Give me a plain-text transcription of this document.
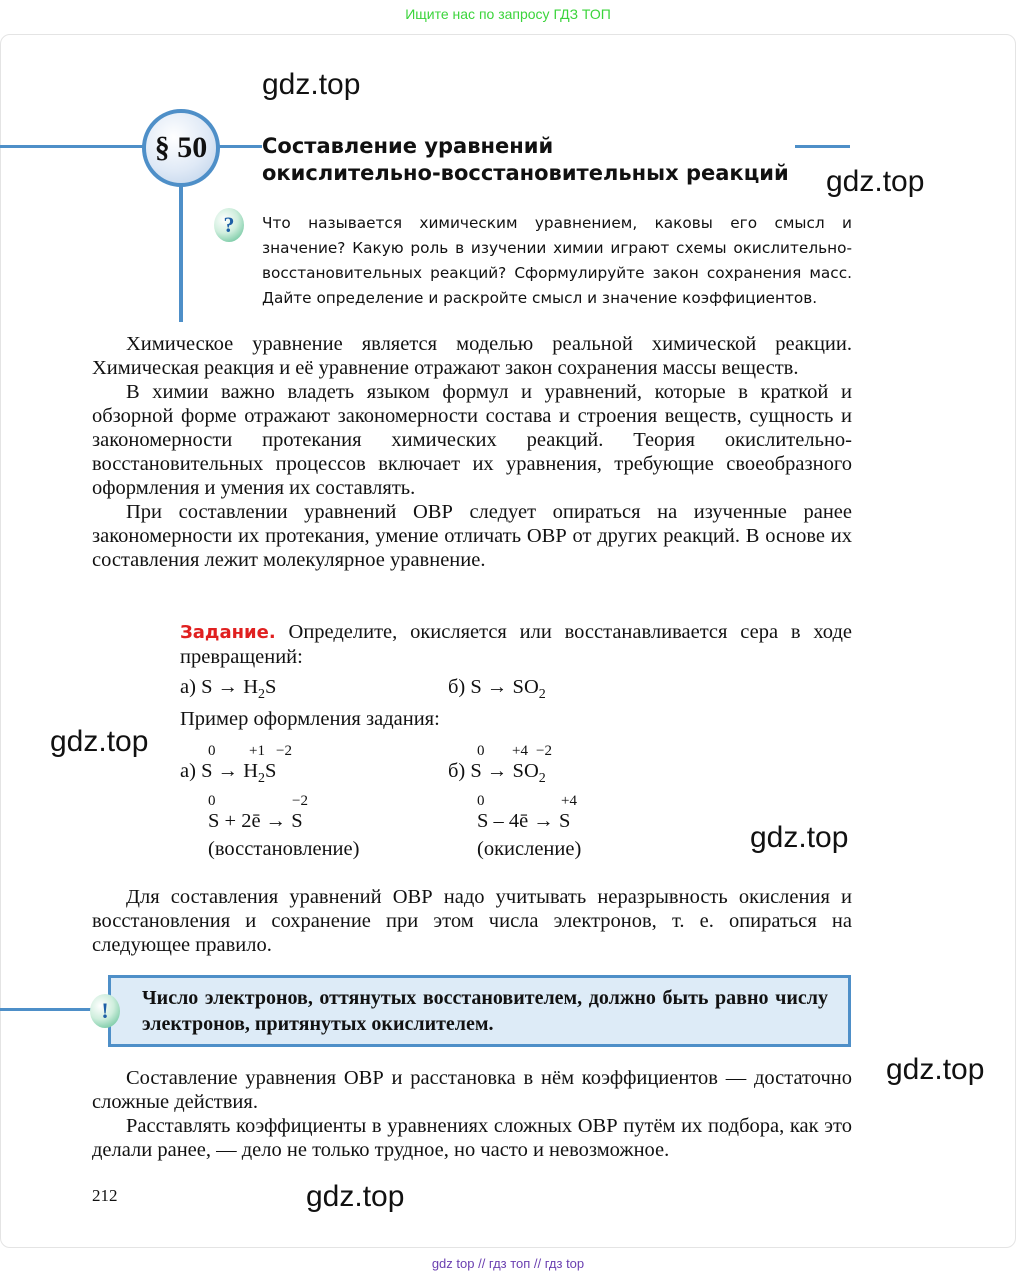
Ищите нас по запросу ГДЗ ТОП
§ 50	Составление уравнений
окислительно-восстановительных реакций
?	Что называется химическим уравнением, каковы его смысл и значение? Какую роль в изучении химии играют схемы окислительно-восстановительных реакций? Сформулируйте закон сохранения масс. Дайте определение и раскройте смысл и значение коэффициентов.

Химическое уравнение является моделью реальной химической реакции. Химическая реакция и её уравнение отражают закон сохранения массы веществ.

В химии важно владеть языком формул и уравнений, которые в краткой и обзорной форме отражают закономерности состава и строения веществ, сущность и закономерности протекания химических реакций. Теория окислительно-восстановительных процессов включает их уравнения, требующие своеобразного оформления и умения их составлять.

При составлении уравнений ОВР следует опираться на изученные ранее закономерности их протекания, умение отличать ОВР от других реакций. В основе их составления лежит молекулярное уравнение.

Задание. Определите, окисляется или восстанавливается сера в ходе превращений:
а) $S \to H_2S$	б) $S \to SO_2$
Пример оформления задания:
0 +1 −2	0 +4 −2
а) $S \to H_2S$	б) $S \to SO_2$
0	−2	0	+4
S + 2ē → S	S – 4ē → S
(восстановление)	(окисление)

Для составления уравнений ОВР надо учитывать неразрывность окисления и восстановления и сохранение при этом числа электронов, т. е. опираться на следующее правило.

!	Число электронов, оттянутых восстановителем, должно быть равно числу электронов, притянутых окислителем.

Составление уравнения ОВР и расстановка в нём коэффициентов — достаточно сложные действия.

Расставлять коэффициенты в уравнениях сложных ОВР путём их подбора, как это делали ранее, — дело не только трудное, но часто и невозможное.

212
gdz.top
gdz.top
gdz.top
gdz.top
gdz.top
gdz.top
gdz top // гдз топ // гдз top
